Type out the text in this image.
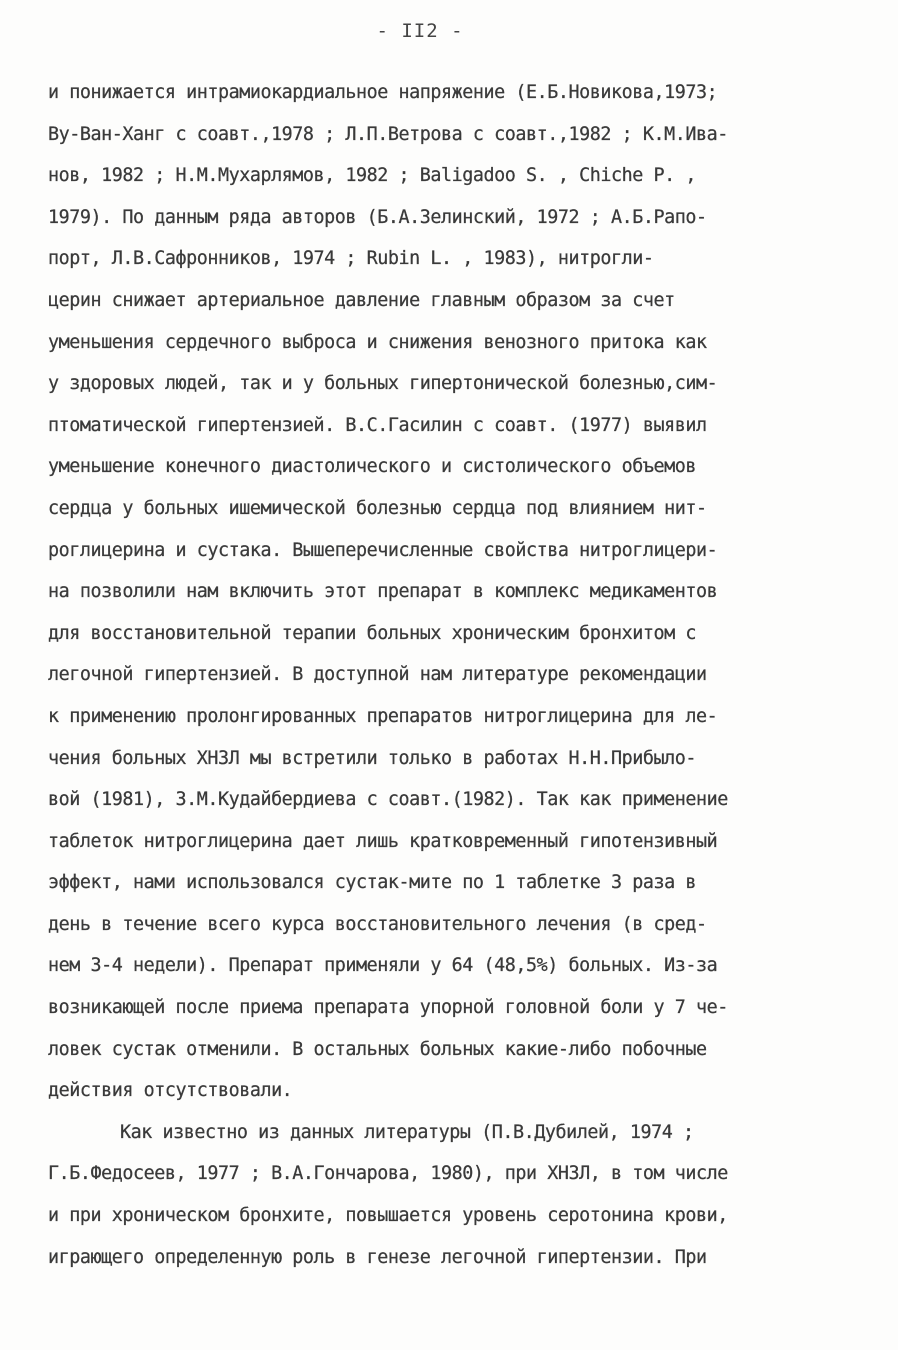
- II2 -
и понижается интрамиокардиальное напряжение (Е.Б.Новикова,1973;
Ву-Ван-Ханг с соавт.,1978 ; Л.П.Ветрова с соавт.,1982 ; К.М.Ива-
нов, 1982 ; Н.М.Мухарлямов, 1982 ; Baligadoo S. , Chiche P. ,
1979). По данным ряда авторов (Б.А.Зелинский, 1972 ; А.Б.Рапо-
порт, Л.В.Сафронников, 1974 ; Rubin L. , 1983), нитрогли-
церин снижает артериальное давление главным образом за счет
уменьшения сердечного выброса и снижения венозного притока как
у здоровых людей, так и у больных гипертонической болезнью,сим-
птоматической гипертензией. В.С.Гасилин с соавт. (1977) выявил
уменьшение конечного диастолического и систолического объемов
сердца у больных ишемической болезнью сердца под влиянием нит-
роглицерина и сустака. Вышеперечисленные свойства нитроглицери-
на позволили нам включить этот препарат в комплекс медикаментов
для восстановительной терапии больных хроническим бронхитом с
легочной гипертензией. В доступной нам литературе рекомендации
к применению пролонгированных препаратов нитроглицерина для ле-
чения больных ХНЗЛ мы встретили только в работах Н.Н.Прибыло-
вой (1981), З.М.Кудайбердиева с соавт.(1982). Так как применение
таблеток нитроглицерина дает лишь кратковременный гипотензивный
эффект, нами использовался сустак-мите по 1 таблетке 3 раза в
день в течение всего курса восстановительного лечения (в сред-
нем 3-4 недели). Препарат применяли у 64 (48,5%) больных. Из-за
возникающей после приема препарата упорной головной боли у 7 че-
ловек сустак отменили. В остальных больных какие-либо побочные
действия отсутствовали.
Как известно из данных литературы (П.В.Дубилей, 1974 ;
Г.Б.Федосеев, 1977 ; В.А.Гончарова, 1980), при ХНЗЛ, в том числе
и при хроническом бронхите, повышается уровень серотонина крови,
играющего определенную роль в генезе легочной гипертензии. При
